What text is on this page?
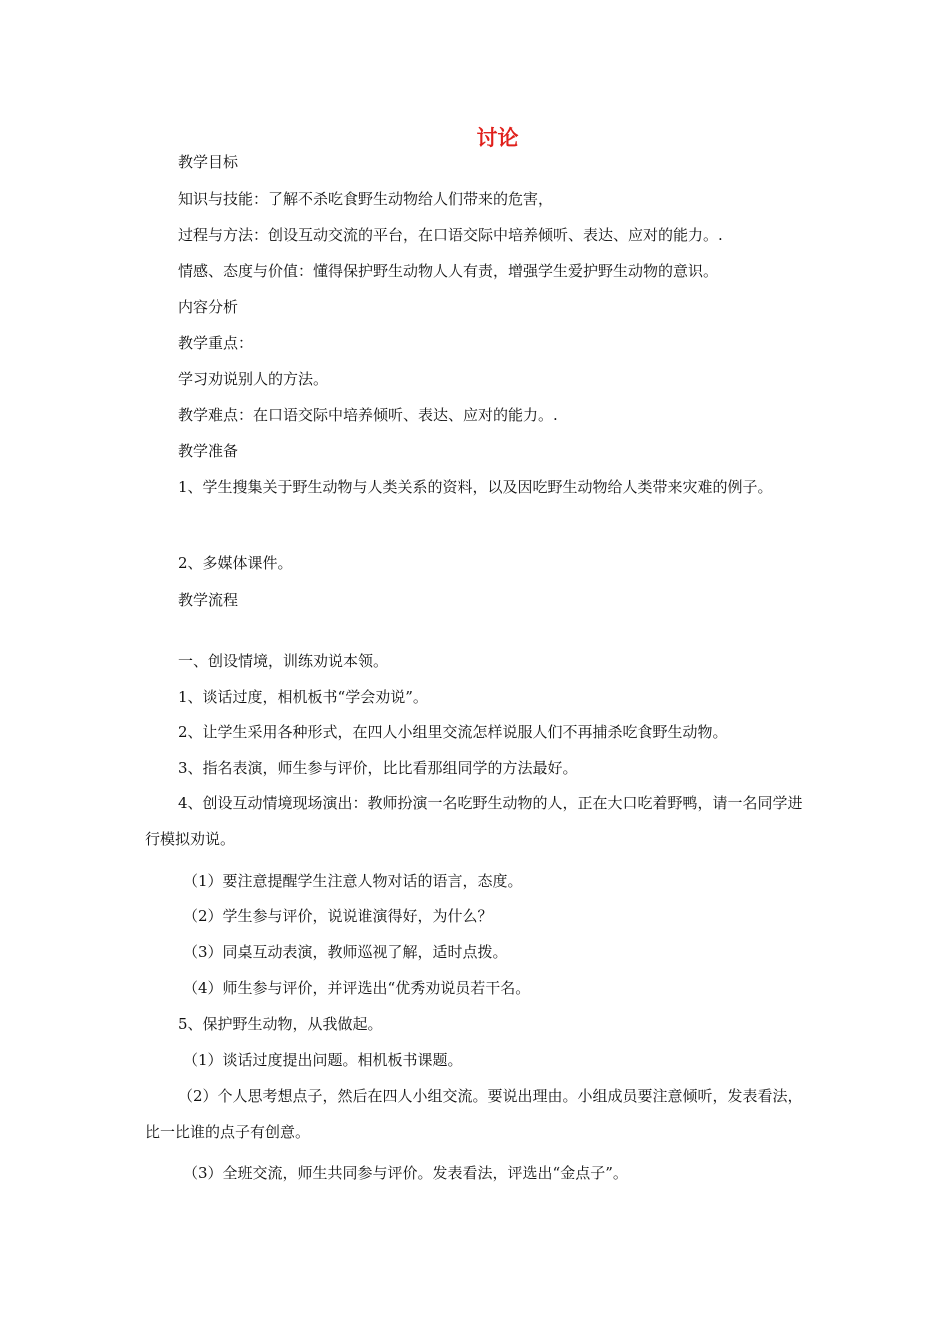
讨论
教学目标
知识与技能：了解不杀吃食野生动物给人们带来的危害，
过程与方法：创设互动交流的平台，在口语交际中培养倾听、表达、应对的能力。.
情感、态度与价值：懂得保护野生动物人人有责，增强学生爱护野生动物的意识。
内容分析
教学重点：
学习劝说别人的方法。
教学难点：在口语交际中培养倾听、表达、应对的能力。.
教学准备
1、学生搜集关于野生动物与人类关系的资料，以及因吃野生动物给人类带来灾难的例子。
2、多媒体课件。
教学流程
一、创设情境，训练劝说本领。
1、谈话过度，相机板书“学会劝说”。
2、让学生采用各种形式，在四人小组里交流怎样说服人们不再捕杀吃食野生动物。
3、指名表演，师生参与评价，比比看那组同学的方法最好。
4、创设互动情境现场演出：教师扮演一名吃野生动物的人，正在大口吃着野鸭，请一名同学进行模拟劝说。
（1）要注意提醒学生注意人物对话的语言，态度。
（2）学生参与评价，说说谁演得好，为什么？
（3）同桌互动表演，教师巡视了解，适时点拨。
（4）师生参与评价，并评选出“优秀劝说员若干名。
5、保护野生动物，从我做起。
（1）谈话过度提出问题。相机板书课题。
（2）个人思考想点子，然后在四人小组交流。要说出理由。小组成员要注意倾听，发表看法，比一比谁的点子有创意。
（3）全班交流，师生共同参与评价。发表看法，评选出“金点子”。
